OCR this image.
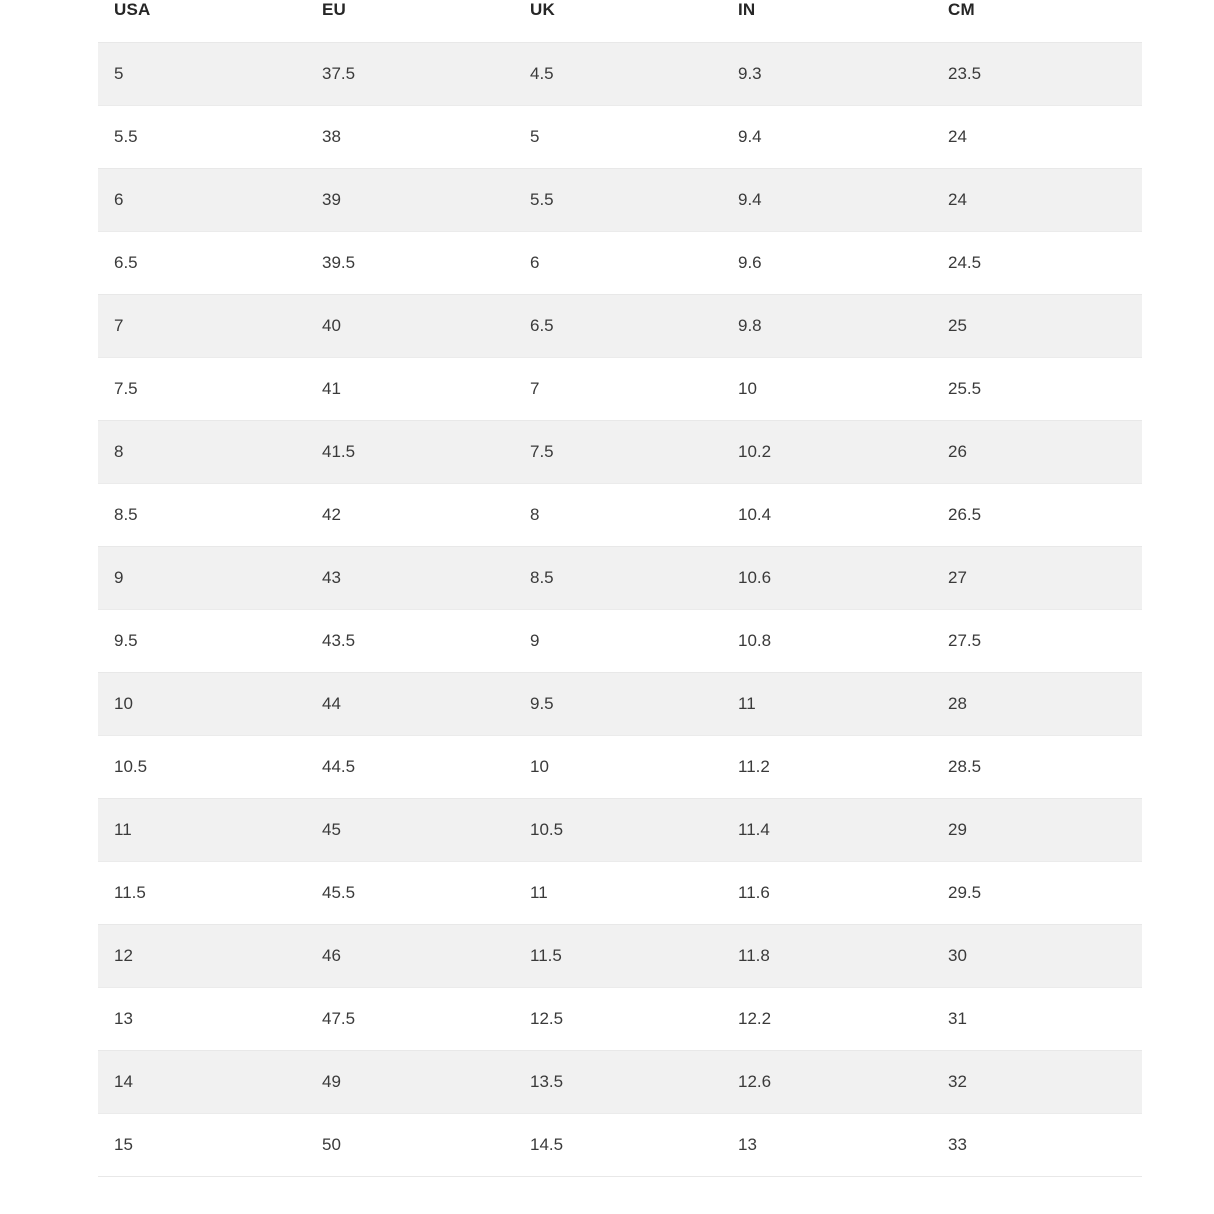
USA	EU	UK	IN	CM
5	37.5	4.5	9.3	23.5
5.5	38	5	9.4	24
6	39	5.5	9.4	24
6.5	39.5	6	9.6	24.5
7	40	6.5	9.8	25
7.5	41	7	10	25.5
8	41.5	7.5	10.2	26
8.5	42	8	10.4	26.5
9	43	8.5	10.6	27
9.5	43.5	9	10.8	27.5
10	44	9.5	11	28
10.5	44.5	10	11.2	28.5
11	45	10.5	11.4	29
11.5	45.5	11	11.6	29.5
12	46	11.5	11.8	30
13	47.5	12.5	12.2	31
14	49	13.5	12.6	32
15	50	14.5	13	33
